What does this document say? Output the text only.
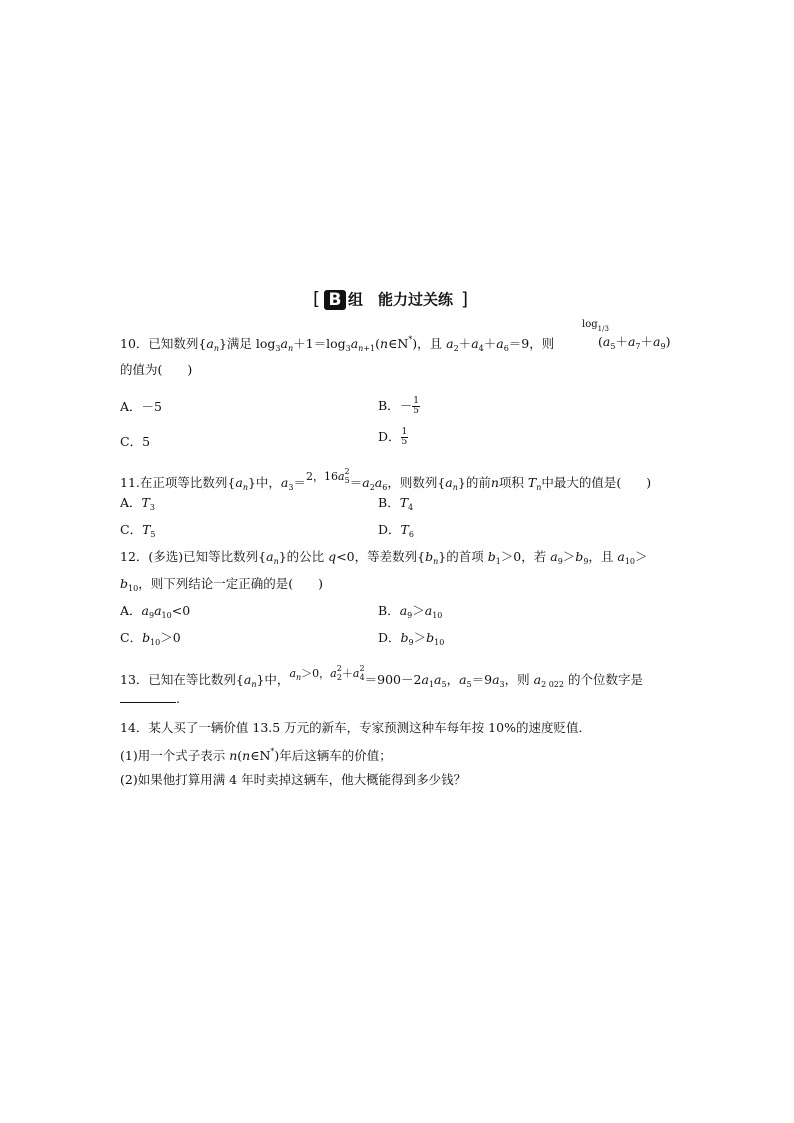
[ B 组　能力过关练 ]
10．已知数列$\{a_n\}$满足 $\log_3a_n+1=\log_3a_{n+1}(n\in N^*)$，且 $a_2+a_4+a_6=9$，则
$\log_{1/3}$
$(a_5+a_7+a_9)$
的值为(　　)
A．－5	B．－ $\frac{1}{5}$
C．5	D． $\frac{1}{5}$
11.在正项等比数列$\{a_n\}$中，$a_3=2$，$16a^2_5=a_2a_6$，则数列$\{a_n\}$的前n项积 $T_n$中最大的值是(　　)
A．$T_3$	B．$T_4$
C．$T_5$	D．$T_6$
12．(多选)已知等比数列$\{a_n\}$的公比 q<0，等差数列$\{b_n\}$的首项 $b_1>0$，若 $a_9>b_9$，且 $a_{10}>$
$b_{10}$，则下列结论一定正确的是(　　)
A．$a_9a_{10}<0$	B．$a_9>a_{10}$
C．$b_{10}>0$	D．$b_9>b_{10}$
13．已知在等比数列$\{a_n\}$中，$a_n>0$，$a^2_2+a^2_4=900-2a_1a_5$，$a_5=9a_3$，则 $a_{2 022}$ 的个位数字是
.
14．某人买了一辆价值 13.5 万元的新车，专家预测这种车每年按 10%的速度贬值．
(1)用一个式子表示 n(n∈N*)年后这辆车的价值；
(2)如果他打算用满 4 年时卖掉这辆车，他大概能得到多少钱？
